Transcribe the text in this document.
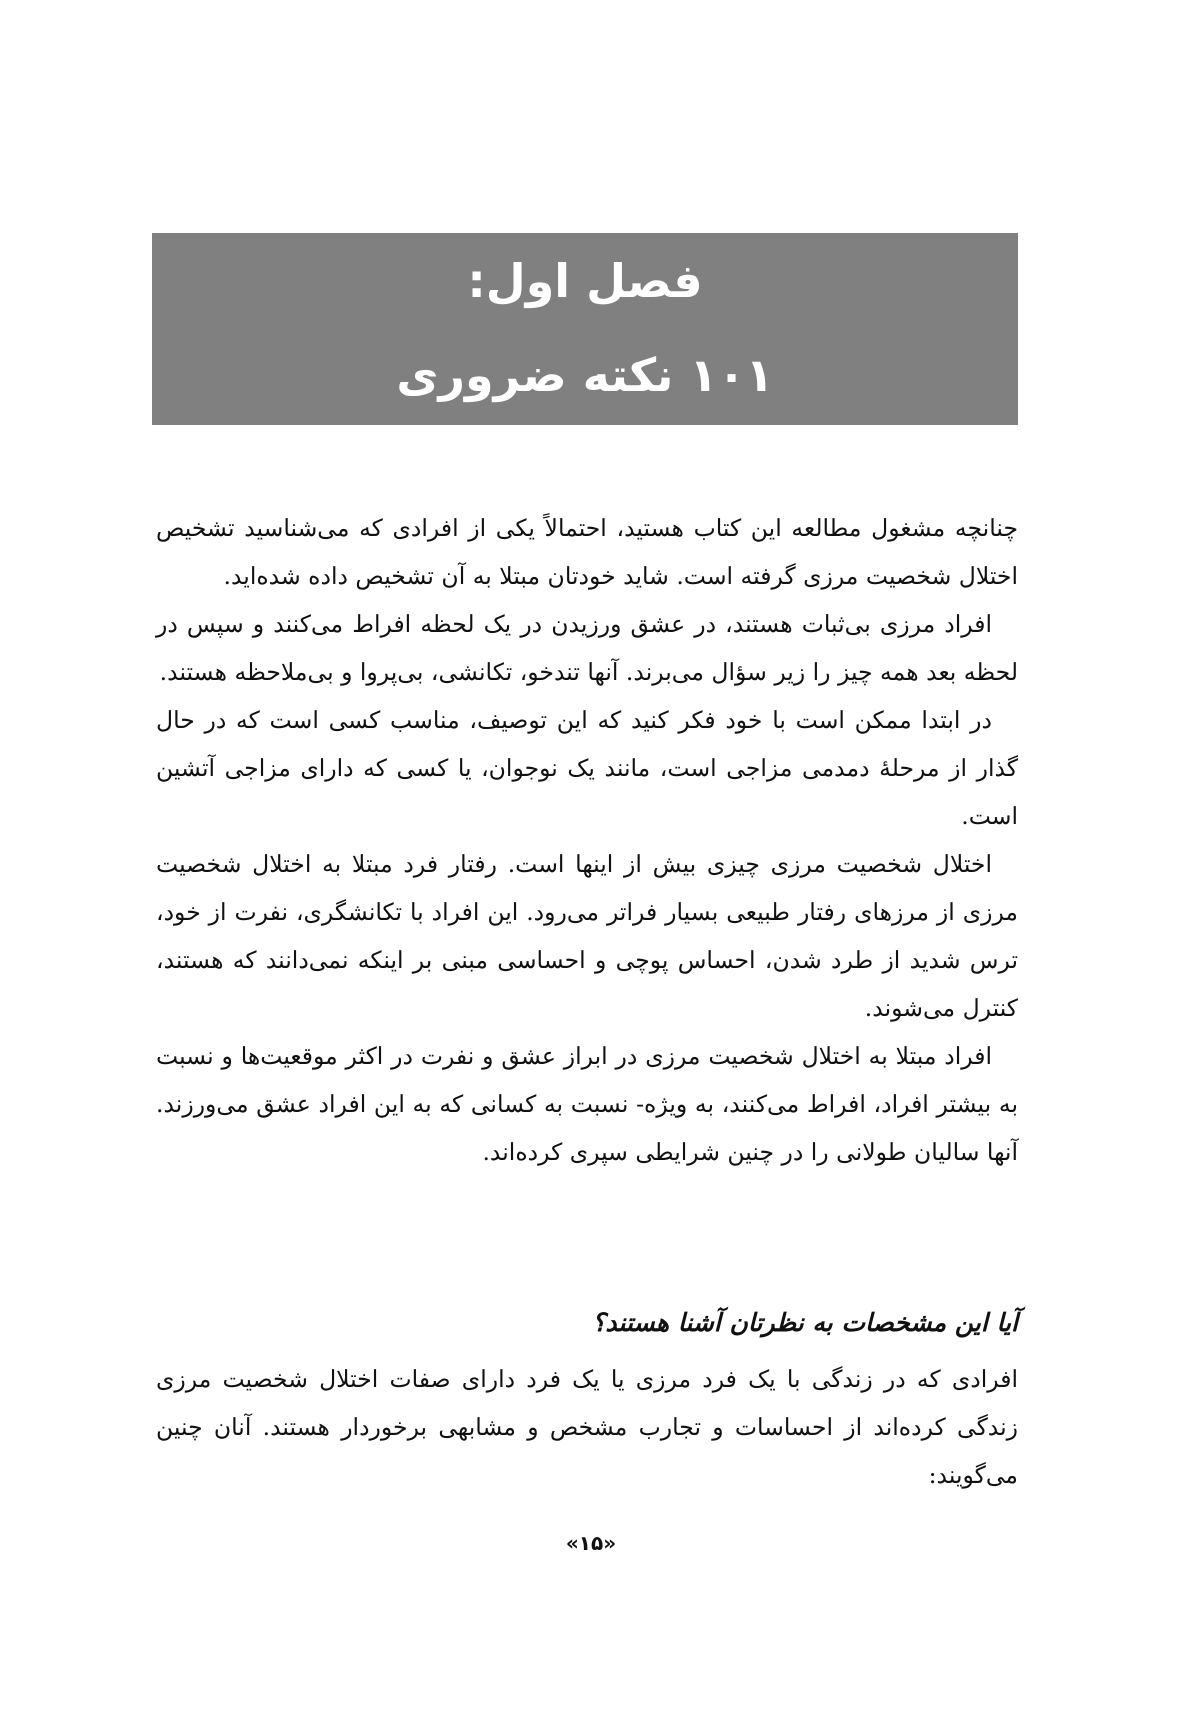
فصل اول:
۱۰۱ نکته ضروری

چنانچه مشغول مطالعه این کتاب هستید، احتمالاً یکی از افرادی که می‌شناسید تشخیص اختلال شخصیت مرزی گرفته است. شاید خودتان مبتلا به آن تشخیص داده شده‌اید.

افراد مرزی بی‌ثبات هستند، در عشق ورزیدن در یک لحظه افراط می‌کنند و سپس در لحظه بعد همه چیز را زیر سؤال می‌برند. آنها تندخو، تکانشی، بی‌پروا و بی‌ملاحظه هستند.

در ابتدا ممکن است با خود فکر کنید که این توصیف، مناسب کسی است که در حال گذار از مرحلهٔ دمدمی مزاجی است، مانند یک نوجوان، یا کسی که دارای مزاجی آتشین است.

اختلال شخصیت مرزی چیزی بیش از اینها است. رفتار فرد مبتلا به اختلال شخصیت مرزی از مرزهای رفتار طبیعی بسیار فراتر می‌رود. این افراد با تکانشگری، نفرت از خود، ترس شدید از طرد شدن، احساس پوچی و احساسی مبنی بر اینکه نمی‌دانند که هستند، کنترل می‌شوند.

افراد مبتلا به اختلال شخصیت مرزی در ابراز عشق و نفرت در اکثر موقعیت‌ها و نسبت به بیشتر افراد، افراط می‌کنند، به ویژه- نسبت به کسانی که به این افراد عشق می‌ورزند. آنها سالیان طولانی را در چنین شرایطی سپری کرده‌اند.

آیا این مشخصات به نظرتان آشنا هستند؟

افرادی که در زندگی با یک فرد مرزی یا یک فرد دارای صفات اختلال شخصیت مرزی زندگی کرده‌اند از احساسات و تجارب مشخص و مشابهی برخوردار هستند. آنان چنین می‌گویند:

«۱۵»
